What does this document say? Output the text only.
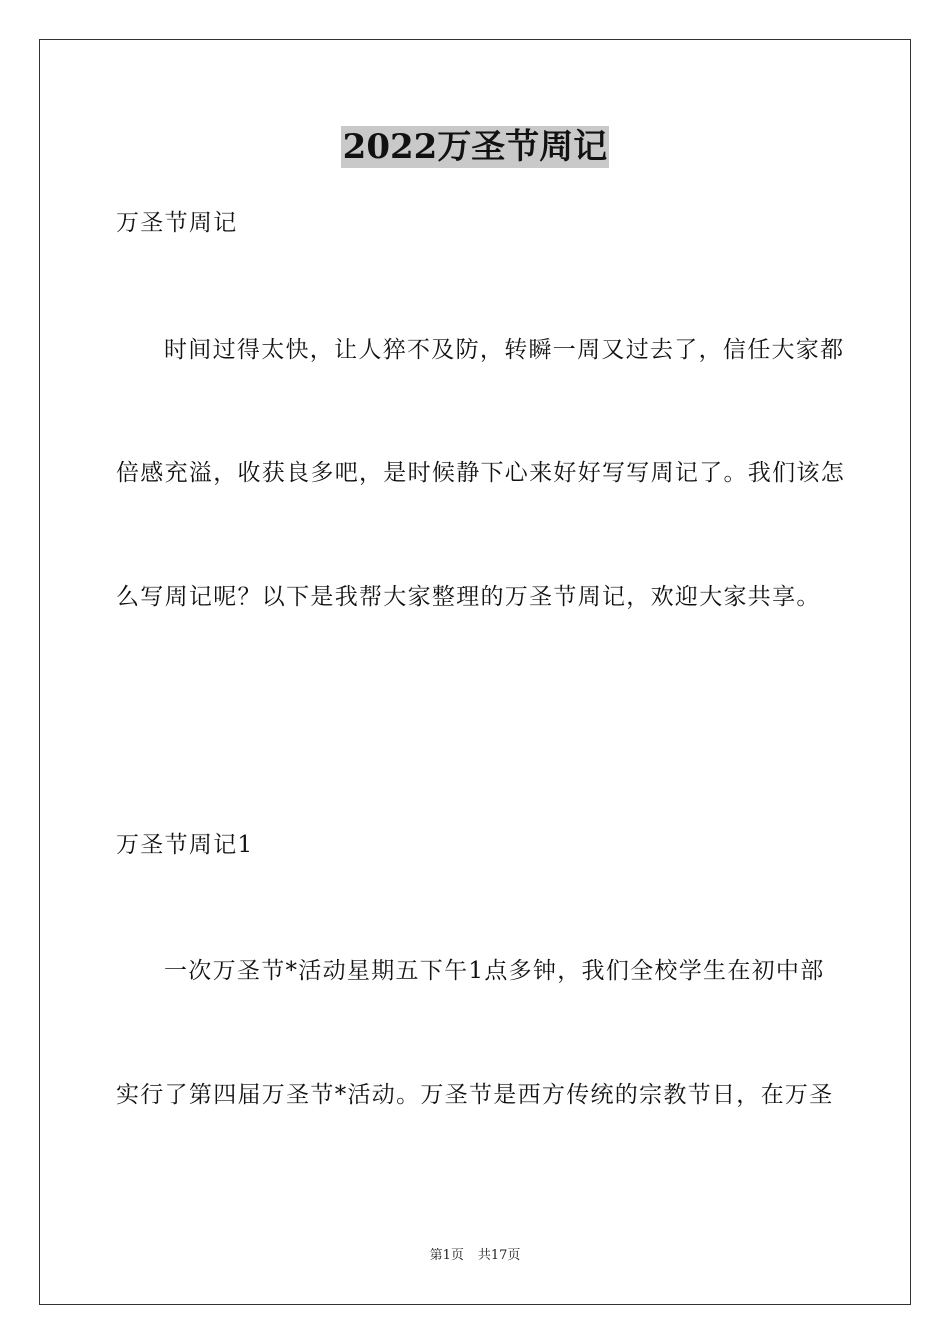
2022万圣节周记
万圣节周记
时间过得太快，让人猝不及防，转瞬一周又过去了，信任大家都
倍感充溢，收获良多吧，是时候静下心来好好写写周记了。我们该怎
么写周记呢？以下是我帮大家整理的万圣节周记，欢迎大家共享。
万圣节周记1
一次万圣节*活动星期五下午1点多钟，我们全校学生在初中部
实行了第四届万圣节*活动。万圣节是西方传统的宗教节日，在万圣
第1页 共17页
